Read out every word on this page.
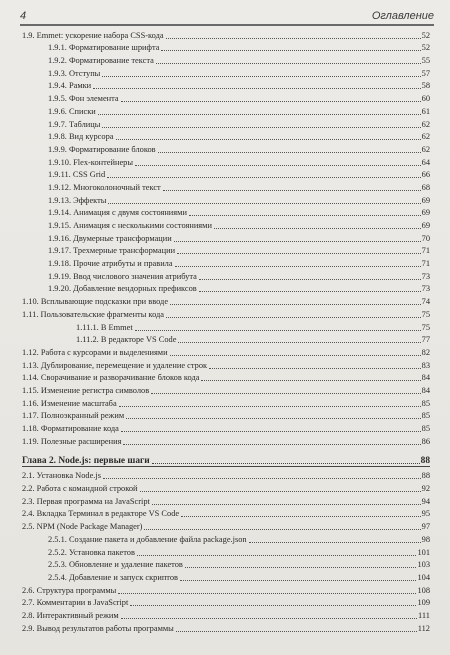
4	Оглавление
1.9. Emmet: ускорение набора CSS-кода	52
1.9.1. Форматирование шрифта	52
1.9.2. Форматирование текста	55
1.9.3. Отступы	57
1.9.4. Рамки	58
1.9.5. Фон элемента	60
1.9.6. Списки	61
1.9.7. Таблицы	62
1.9.8. Вид курсора	62
1.9.9. Форматирование блоков	62
1.9.10. Flex-контейнеры	64
1.9.11. CSS Grid	66
1.9.12. Многоколоночный текст	68
1.9.13. Эффекты	69
1.9.14. Анимация с двумя состояниями	69
1.9.15. Анимация с несколькими состояниями	69
1.9.16. Двумерные трансформации	70
1.9.17. Трехмерные трансформации	71
1.9.18. Прочие атрибуты и правила	71
1.9.19. Ввод числового значения атрибута	73
1.9.20. Добавление вендорных префиксов	73
1.10. Всплывающие подсказки при вводе	74
1.11. Пользовательские фрагменты кода	75
1.11.1. В Emmet	75
1.11.2. В редакторе VS Code	77
1.12. Работа с курсорами и выделениями	82
1.13. Дублирование, перемещение и удаление строк	83
1.14. Сворачивание и разворачивание блоков кода	84
1.15. Изменение регистра символов	84
1.16. Изменение масштаба	85
1.17. Полноэкранный режим	85
1.18. Форматирование кода	85
1.19. Полезные расширения	86
Глава 2. Node.js: первые шаги	88
2.1. Установка Node.js	88
2.2. Работа с командной строкой	92
2.3. Первая программа на JavaScript	94
2.4. Вкладка Терминал в редакторе VS Code	95
2.5. NPM (Node Package Manager)	97
2.5.1. Создание пакета и добавление файла package.json	98
2.5.2. Установка пакетов	101
2.5.3. Обновление и удаление пакетов	103
2.5.4. Добавление и запуск скриптов	104
2.6. Структура программы	108
2.7. Комментарии в JavaScript	109
2.8. Интерактивный режим	111
2.9. Вывод результатов работы программы	112
